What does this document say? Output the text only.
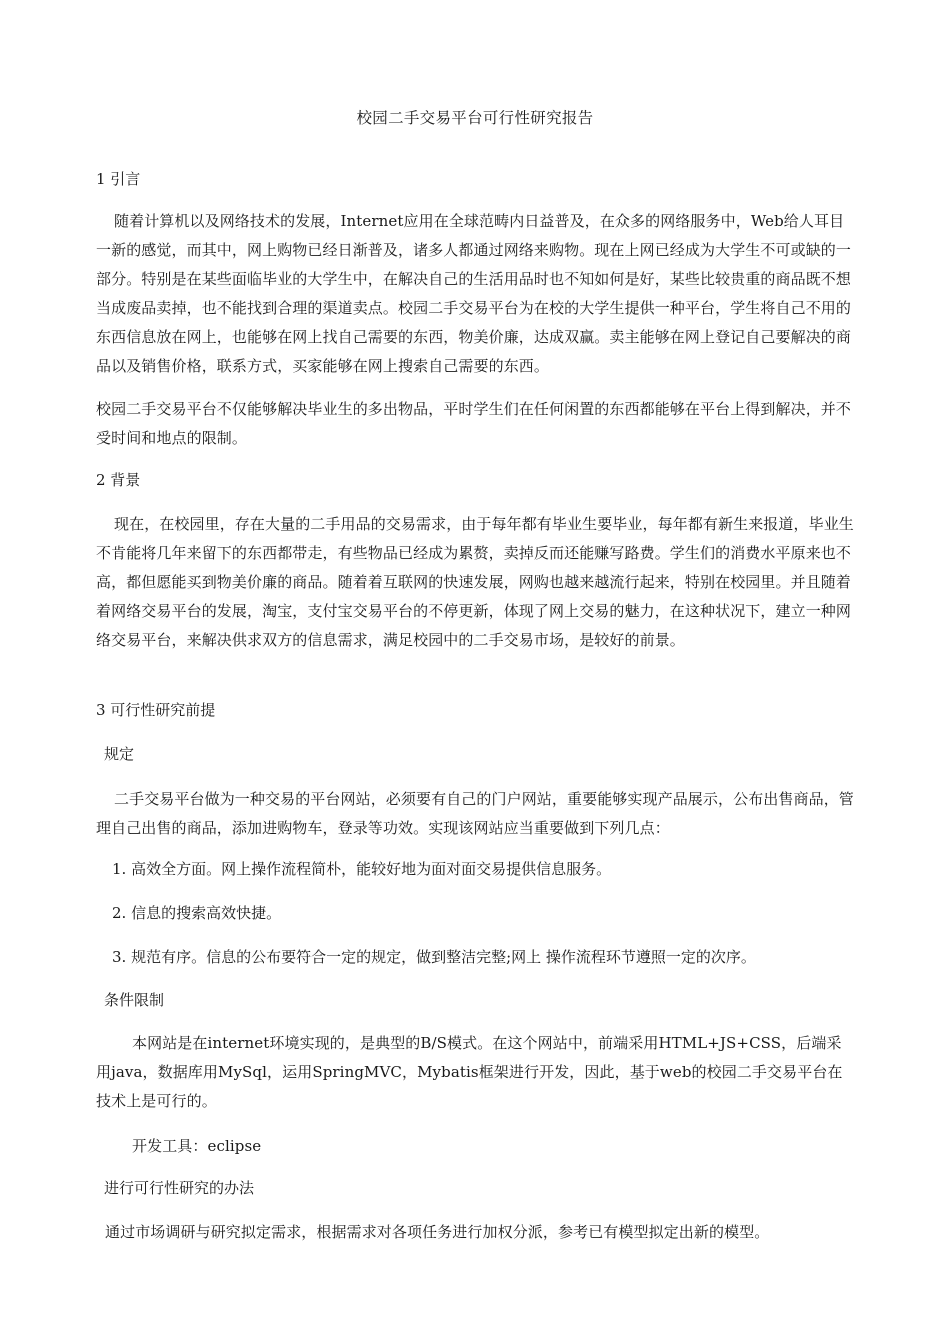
校园二手交易平台可行性研究报告
1 引言
随着计算机以及网络技术的发展，Internet应用在全球范畴内日益普及，在众多的网络服务中，Web给人耳目一新的感觉，而其中，网上购物已经日渐普及，诸多人都通过网络来购物。现在上网已经成为大学生不可或缺的一部分。特别是在某些面临毕业的大学生中，在解决自己的生活用品时也不知如何是好，某些比较贵重的商品既不想当成废品卖掉，也不能找到合理的渠道卖点。校园二手交易平台为在校的大学生提供一种平台，学生将自己不用的东西信息放在网上，也能够在网上找自己需要的东西，物美价廉，达成双赢。卖主能够在网上登记自己要解决的商品以及销售价格，联系方式，买家能够在网上搜索自己需要的东西。
校园二手交易平台不仅能够解决毕业生的多出物品，平时学生们在任何闲置的东西都能够在平台上得到解决，并不受时间和地点的限制。
2 背景
现在，在校园里，存在大量的二手用品的交易需求，由于每年都有毕业生要毕业，每年都有新生来报道，毕业生不肯能将几年来留下的东西都带走，有些物品已经成为累赘，卖掉反而还能赚写路费。学生们的消费水平原来也不高，都但愿能买到物美价廉的商品。随着着互联网的快速发展，网购也越来越流行起来，特别在校园里。并且随着着网络交易平台的发展，淘宝，支付宝交易平台的不停更新，体现了网上交易的魅力，在这种状况下，建立一种网络交易平台，来解决供求双方的信息需求，满足校园中的二手交易市场，是较好的前景。
3 可行性研究前提
规定
二手交易平台做为一种交易的平台网站，必须要有自己的门户网站，重要能够实现产品展示，公布出售商品，管理自己出售的商品，添加进购物车，登录等功效。实现该网站应当重要做到下列几点：
1. 高效全方面。网上操作流程简朴，能较好地为面对面交易提供信息服务。
2. 信息的搜索高效快捷。
3. 规范有序。信息的公布要符合一定的规定，做到整洁完整;网上 操作流程环节遵照一定的次序。
条件限制
本网站是在internet环境实现的，是典型的B/S模式。在这个网站中，前端采用HTML+JS+CSS，后端采用java，数据库用MySql，运用SpringMVC，Mybatis框架进行开发，因此，基于web的校园二手交易平台在技术上是可行的。
开发工具：eclipse
进行可行性研究的办法
通过市场调研与研究拟定需求，根据需求对各项任务进行加权分派，参考已有模型拟定出新的模型。
